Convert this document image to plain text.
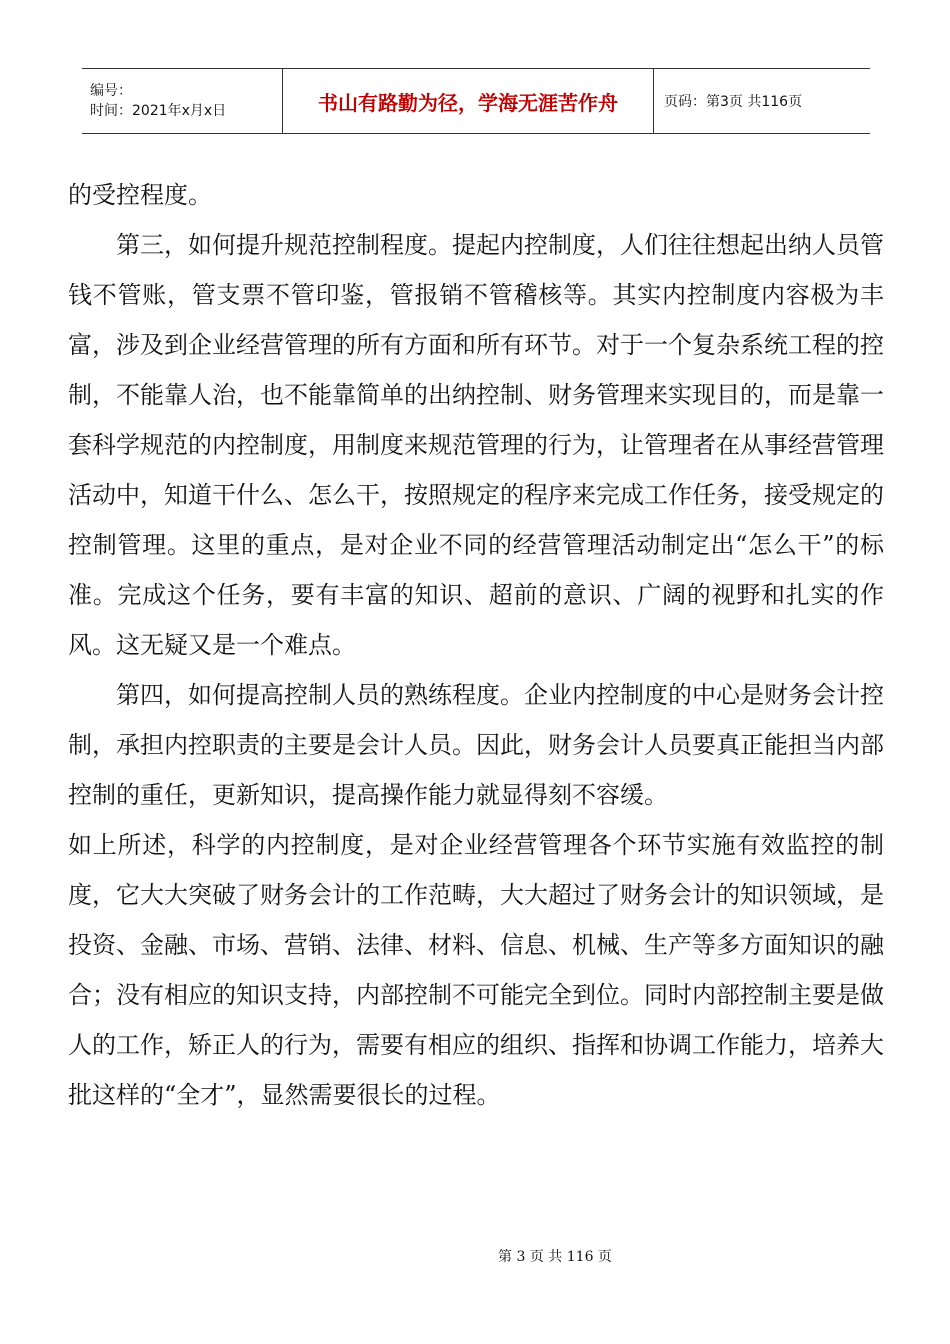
编号：
时间：2021年x月x日	书山有路勤为径，学海无涯苦作舟	页码：第3页 共116页

的受控程度。

第三，如何提升规范控制程度。提起内控制度，人们往往想起出纳人员管钱不管账，管支票不管印鉴，管报销不管稽核等。其实内控制度内容极为丰富，涉及到企业经营管理的所有方面和所有环节。对于一个复杂系统工程的控制，不能靠人治，也不能靠简单的出纳控制、财务管理来实现目的，而是靠一套科学规范的内控制度，用制度来规范管理的行为，让管理者在从事经营管理活动中，知道干什么、怎么干，按照规定的程序来完成工作任务，接受规定的控制管理。这里的重点，是对企业不同的经营管理活动制定出“怎么干”的标准。完成这个任务，要有丰富的知识、超前的意识、广阔的视野和扎实的作风。这无疑又是一个难点。

第四，如何提高控制人员的熟练程度。企业内控制度的中心是财务会计控制，承担内控职责的主要是会计人员。因此，财务会计人员要真正能担当内部控制的重任，更新知识，提高操作能力就显得刻不容缓。

如上所述，科学的内控制度，是对企业经营管理各个环节实施有效监控的制度，它大大突破了财务会计的工作范畴，大大超过了财务会计的知识领域，是投资、金融、市场、营销、法律、材料、信息、机械、生产等多方面知识的融合；没有相应的知识支持，内部控制不可能完全到位。同时内部控制主要是做人的工作，矫正人的行为，需要有相应的组织、指挥和协调工作能力，培养大批这样的“全才”，显然需要很长的过程。

第 3 页 共 116 页
